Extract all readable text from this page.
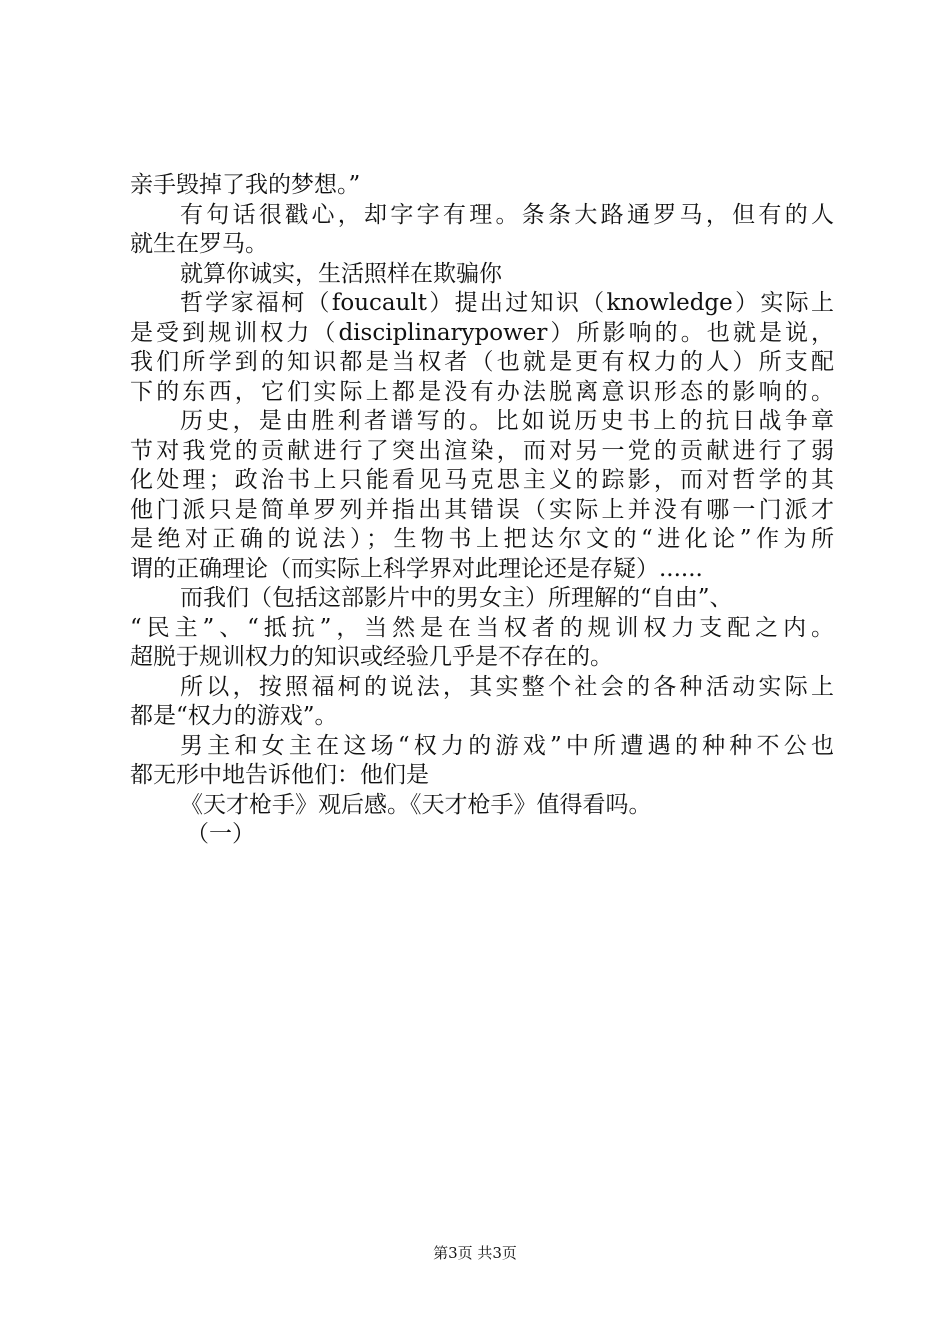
亲手毁掉了我的梦想。”
有句话很戳心，却字字有理。条条大路通罗马，但有的人
就生在罗马。
就算你诚实，生活照样在欺骗你
哲学家福柯（foucault）提出过知识（knowledge）实际上
是受到规训权力（disciplinarypower）所影响的。也就是说，
我们所学到的知识都是当权者（也就是更有权力的人）所支配
下的东西，它们实际上都是没有办法脱离意识形态的影响的。
历史，是由胜利者谱写的。比如说历史书上的抗日战争章
节对我党的贡献进行了突出渲染，而对另一党的贡献进行了弱
化处理；政治书上只能看见马克思主义的踪影，而对哲学的其
他门派只是简单罗列并指出其错误（实际上并没有哪一门派才
是绝对正确的说法）；生物书上把达尔文的“进化论”作为所
谓的正确理论（而实际上科学界对此理论还是存疑）......
而我们（包括这部影片中的男女主）所理解的“自由”、
“民主”、“抵抗”，当然是在当权者的规训权力支配之内。
超脱于规训权力的知识或经验几乎是不存在的。
所以，按照福柯的说法，其实整个社会的各种活动实际上
都是“权力的游戏”。
男主和女主在这场“权力的游戏”中所遭遇的种种不公也
都无形中地告诉他们：他们是
《天才枪手》观后感。《天才枪手》值得看吗。
（一）
第3页 共3页
